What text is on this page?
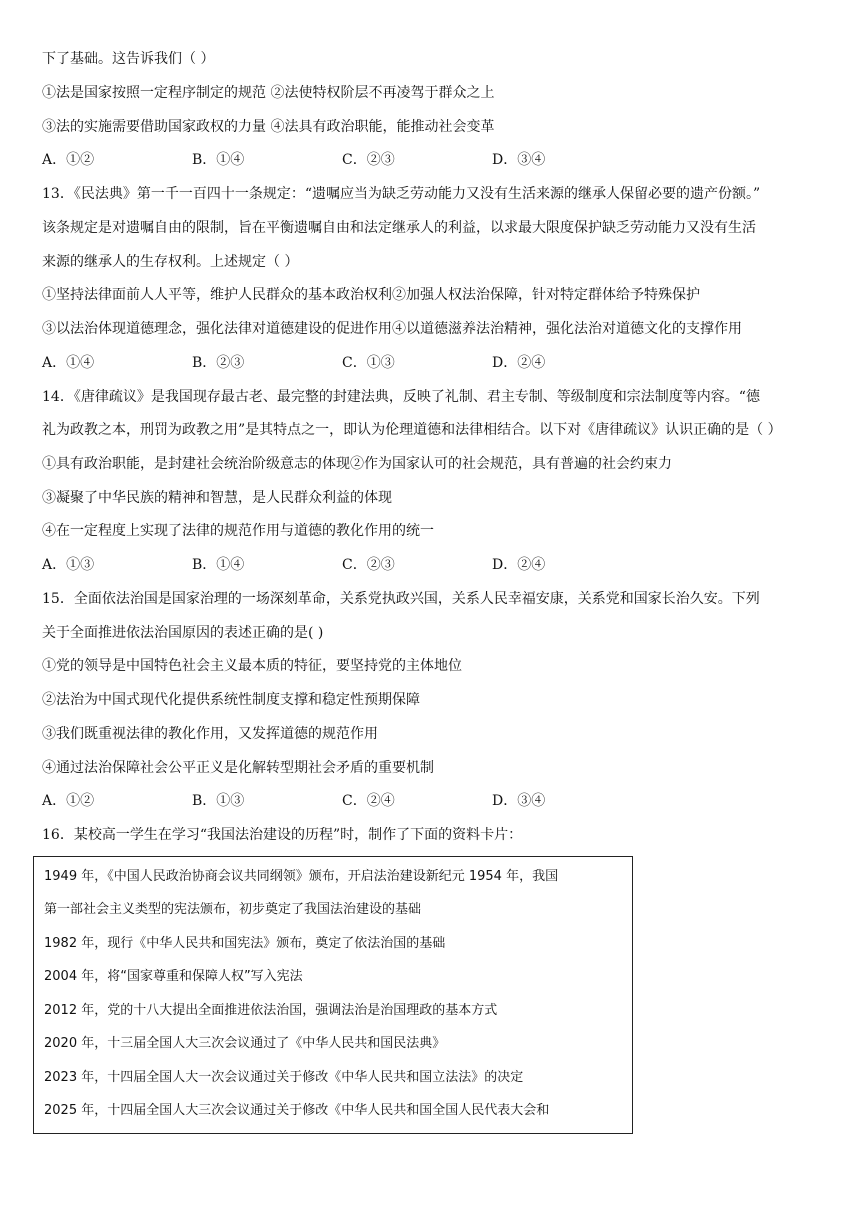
下了基础。这告诉我们（ ）
①法是国家按照一定程序制定的规范 ②法使特权阶层不再凌驾于群众之上
③法的实施需要借助国家政权的力量 ④法具有政治职能，能推动社会变革
A．①②	B．①④	C．②③	D．③④
13．《民法典》第一千一百四十一条规定：“遗嘱应当为缺乏劳动能力又没有生活来源的继承人保留必要的遗产份额。”
该条规定是对遗嘱自由的限制，旨在平衡遗嘱自由和法定继承人的利益，以求最大限度保护缺乏劳动能力又没有生活
来源的继承人的生存权利。上述规定（ ）
①坚持法律面前人人平等，维护人民群众的基本政治权利②加强人权法治保障，针对特定群体给予特殊保护
③以法治体现道德理念，强化法律对道德建设的促进作用④以道德滋养法治精神，强化法治对道德文化的支撑作用
A．①④	B．②③	C．①③	D．②④
14．《唐律疏议》是我国现存最古老、最完整的封建法典，反映了礼制、君主专制、等级制度和宗法制度等内容。“德
礼为政教之本，刑罚为政教之用”是其特点之一，即认为伦理道德和法律相结合。以下对《唐律疏议》认识正确的是（ ）
①具有政治职能，是封建社会统治阶级意志的体现②作为国家认可的社会规范，具有普遍的社会约束力
③凝聚了中华民族的精神和智慧，是人民群众利益的体现
④在一定程度上实现了法律的规范作用与道德的教化作用的统一
A．①③	B．①④	C．②③	D．②④
15．全面依法治国是国家治理的一场深刻革命，关系党执政兴国，关系人民幸福安康，关系党和国家长治久安。下列
关于全面推进依法治国原因的表述正确的是( )
①党的领导是中国特色社会主义最本质的特征，要坚持党的主体地位
②法治为中国式现代化提供系统性制度支撑和稳定性预期保障
③我们既重视法律的教化作用，又发挥道德的规范作用
④通过法治保障社会公平正义是化解转型期社会矛盾的重要机制
A．①②	B．①③	C．②④	D．③④
16．某校高一学生在学习“我国法治建设的历程”时，制作了下面的资料卡片：
1949 年，《中国人民政治协商会议共同纲领》颁布，开启法治建设新纪元 1954 年，我国
第一部社会主义类型的宪法颁布，初步奠定了我国法治建设的基础
1982 年，现行《中华人民共和国宪法》颁布，奠定了依法治国的基础
2004 年，将“国家尊重和保障人权”写入宪法
2012 年，党的十八大提出全面推进依法治国，强调法治是治国理政的基本方式
2020 年，十三届全国人大三次会议通过了《中华人民共和国民法典》
2023 年，十四届全国人大一次会议通过关于修改《中华人民共和国立法法》的决定
2025 年，十四届全国人大三次会议通过关于修改《中华人民共和国全国人民代表大会和
